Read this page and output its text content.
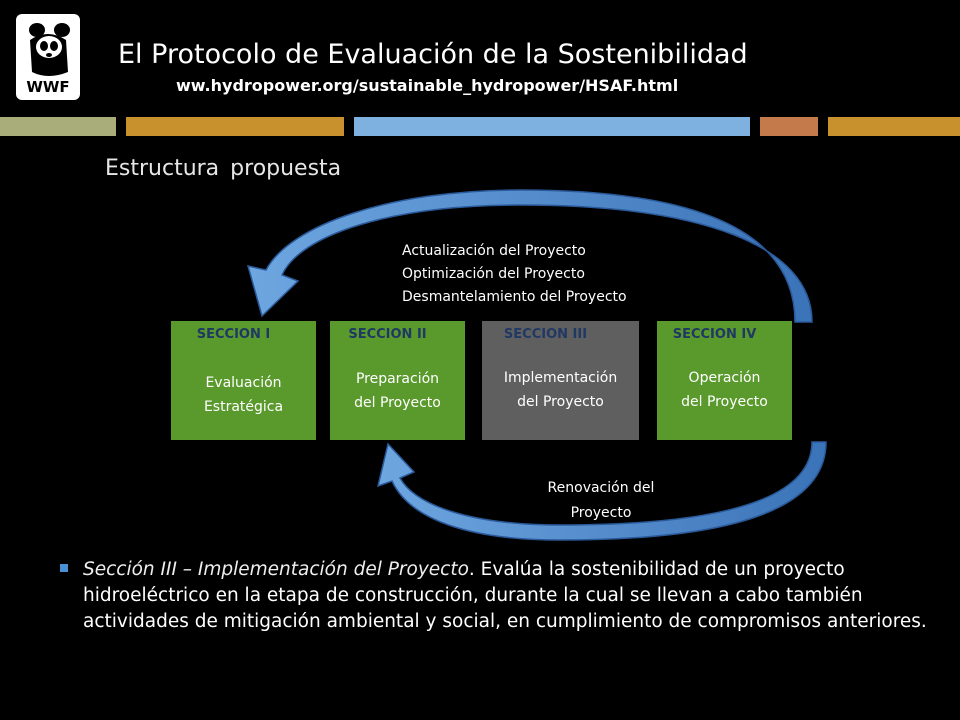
WWF
El Protocolo de Evaluación de la Sostenibilidad
ww.hydropower.org/sustainable_hydropower/HSAF.html
Estructura propuesta
Actualización del Proyecto
Optimización del Proyecto
Desmantelamiento del Proyecto
SECCION I
Evaluación
Estratégica
SECCION II
Preparación
del Proyecto
SECCION III
Implementación
del Proyecto
SECCION IV
Operación
del Proyecto
Renovación del
Proyecto
Sección III – Implementación del Proyecto. Evalúa la sostenibilidad de un proyecto hidroeléctrico en la etapa de construcción, durante la cual se llevan a cabo también actividades de mitigación ambiental y social, en cumplimiento de compromisos anteriores.
